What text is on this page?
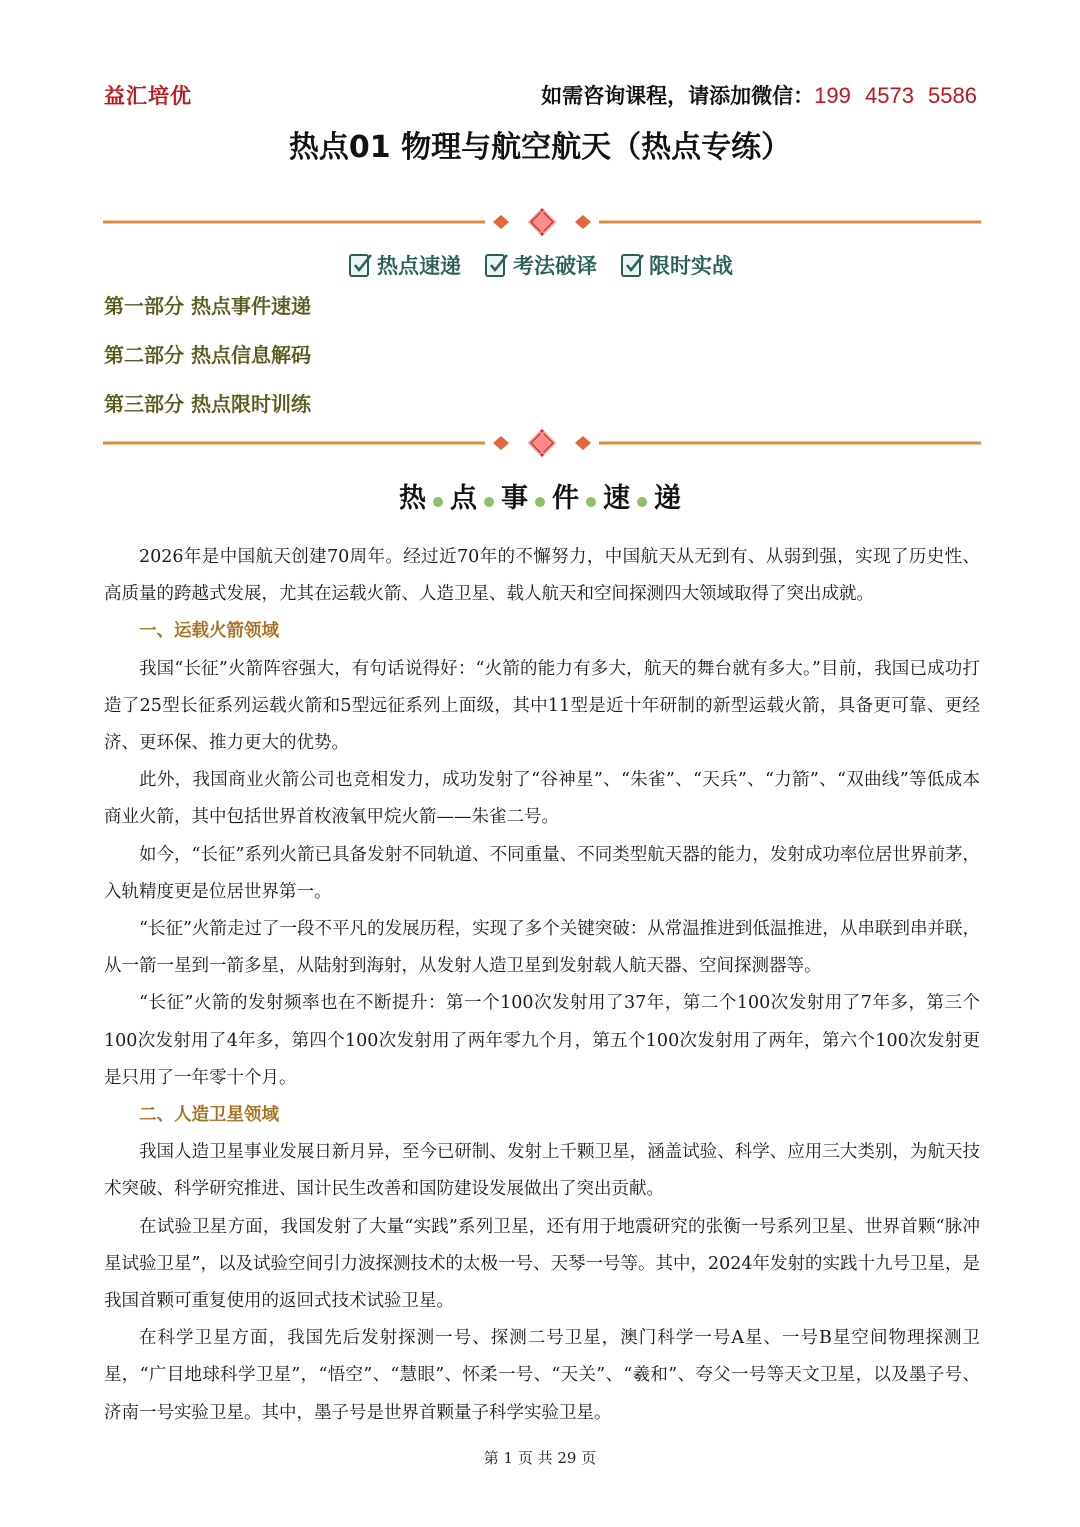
益汇培优	如需咨询课程，请添加微信：199 4573 5586
热点01 物理与航空航天（热点专练）
热点速递 考法破译 限时实战
第一部分 热点事件速递
第二部分 热点信息解码
第三部分 热点限时训练
热 点 事 件 速 递

2026年是中国航天创建70周年。经过近70年的不懈努力，中国航天从无到有、从弱到强，实现了历史性、高质量的跨越式发展，尤其在运载火箭、人造卫星、载人航天和空间探测四大领域取得了突出成就。

一、运载火箭领域

我国“长征”火箭阵容强大，有句话说得好：“火箭的能力有多大，航天的舞台就有多大。”目前，我国已成功打造了25型长征系列运载火箭和5型远征系列上面级，其中11型是近十年研制的新型运载火箭，具备更可靠、更经济、更环保、推力更大的优势。

此外，我国商业火箭公司也竞相发力，成功发射了“谷神星”、“朱雀”、“天兵”、“力箭”、“双曲线”等低成本商业火箭，其中包括世界首枚液氧甲烷火箭——朱雀二号。

如今，“长征”系列火箭已具备发射不同轨道、不同重量、不同类型航天器的能力，发射成功率位居世界前茅，入轨精度更是位居世界第一。

“长征”火箭走过了一段不平凡的发展历程，实现了多个关键突破：从常温推进到低温推进，从串联到串并联，从一箭一星到一箭多星，从陆射到海射，从发射人造卫星到发射载人航天器、空间探测器等。

“长征”火箭的发射频率也在不断提升：第一个100次发射用了37年，第二个100次发射用了7年多，第三个100次发射用了4年多，第四个100次发射用了两年零九个月，第五个100次发射用了两年，第六个100次发射更是只用了一年零十个月。

二、人造卫星领域

我国人造卫星事业发展日新月异，至今已研制、发射上千颗卫星，涵盖试验、科学、应用三大类别，为航天技术突破、科学研究推进、国计民生改善和国防建设发展做出了突出贡献。

在试验卫星方面，我国发射了大量“实践”系列卫星，还有用于地震研究的张衡一号系列卫星、世界首颗“脉冲星试验卫星”，以及试验空间引力波探测技术的太极一号、天琴一号等。其中，2024年发射的实践十九号卫星，是我国首颗可重复使用的返回式技术试验卫星。

在科学卫星方面，我国先后发射探测一号、探测二号卫星，澳门科学一号A星、一号B星空间物理探测卫星，“广目地球科学卫星”，“悟空”、“慧眼”、怀柔一号、“天关”、“羲和”、夸父一号等天文卫星，以及墨子号、济南一号实验卫星。其中，墨子号是世界首颗量子科学实验卫星。

第 1 页 共 29 页
